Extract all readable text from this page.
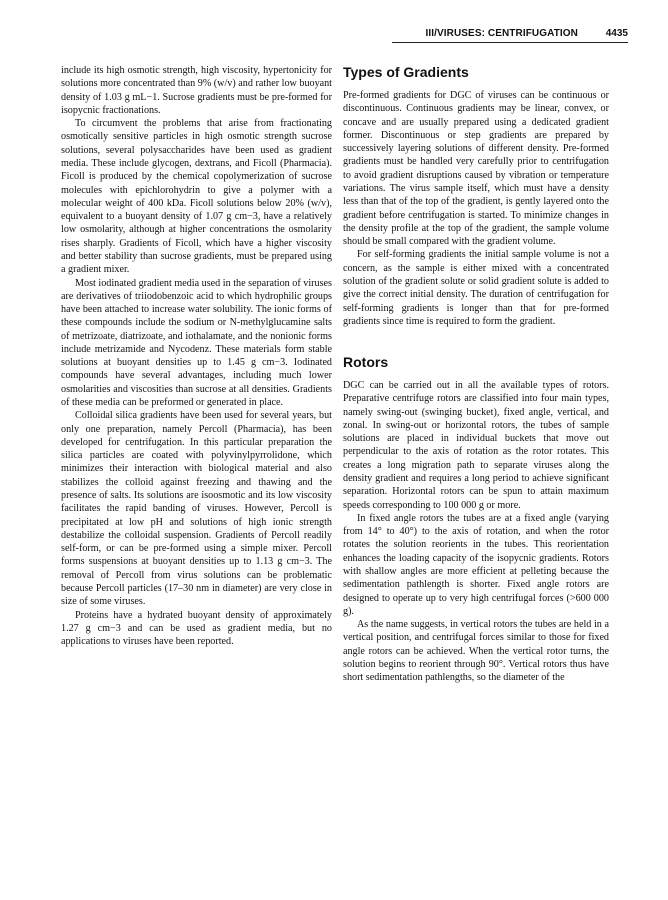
III/VIRUSES: CENTRIFUGATION	4435

include its high osmotic strength, high viscosity, hypertonicity for solutions more concentrated than 9% (w/v) and rather low buoyant density of 1.03 g mL−1. Sucrose gradients must be pre-formed for isopycnic fractionations.

To circumvent the problems that arise from fractionating osmotically sensitive particles in high osmotic strength sucrose solutions, several polysaccharides have been used as gradient media. These include glycogen, dextrans, and Ficoll (Pharmacia). Ficoll is produced by the chemical copolymerization of sucrose molecules with epichlorohydrin to give a polymer with a molecular weight of 400 kDa. Ficoll solutions below 20% (w/v), equivalent to a buoyant density of 1.07 g cm−3, have a relatively low osmolarity, although at higher concentrations the osmolarity rises sharply. Gradients of Ficoll, which have a higher viscosity and better stability than sucrose gradients, must be prepared using a gradient mixer.

Most iodinated gradient media used in the separation of viruses are derivatives of triiodobenzoic acid to which hydrophilic groups have been attached to increase water solubility. The ionic forms of these compounds include the sodium or N-methylglucamine salts of metrizoate, diatrizoate, and iothalamate, and the nonionic forms include metrizamide and Nycodenz. These materials form stable solutions at buoyant densities up to 1.45 g cm−3. Iodinated compounds have several advantages, including much lower osmolarities and viscosities than sucrose at all densities. Gradients of these media can be preformed or generated in place.

Colloidal silica gradients have been used for several years, but only one preparation, namely Percoll (Pharmacia), has been developed for centrifugation. In this particular preparation the silica particles are coated with polyvinylpyrrolidone, which minimizes their interaction with biological material and also stabilizes the colloid against freezing and thawing and the presence of salts. Its solutions are isoosmotic and its low viscosity facilitates the rapid banding of viruses. However, Percoll is precipitated at low pH and solutions of high ionic strength destabilize the colloidal suspension. Gradients of Percoll readily self-form, or can be pre-formed using a simple mixer. Percoll forms suspensions at buoyant densities up to 1.13 g cm−3. The removal of Percoll from virus solutions can be problematic because Percoll particles (17–30 nm in diameter) are very close in size of some viruses.

Proteins have a hydrated buoyant density of approximately 1.27 g cm−3 and can be used as gradient media, but no applications to viruses have been reported.

Types of Gradients

Pre-formed gradients for DGC of viruses can be continuous or discontinuous. Continuous gradients may be linear, convex, or concave and are usually prepared using a dedicated gradient former. Discontinuous or step gradients are prepared by successively layering solutions of different density. Pre-formed gradients must be handled very carefully prior to centrifugation to avoid gradient disruptions caused by vibration or temperature variations. The virus sample itself, which must have a density less than that of the top of the gradient, is gently layered onto the gradient before centrifugation is started. To minimize changes in the density profile at the top of the gradient, the sample volume should be small compared with the gradient volume.

For self-forming gradients the initial sample volume is not a concern, as the sample is either mixed with a concentrated solution of the gradient solute or solid gradient solute is added to give the correct initial density. The duration of centrifugation for self-forming gradients is longer than that for pre-formed gradients since time is required to form the gradient.

Rotors

DGC can be carried out in all the available types of rotors. Preparative centrifuge rotors are classified into four main types, namely swing-out (swinging bucket), fixed angle, vertical, and zonal. In swing-out or horizontal rotors, the tubes of sample solutions are placed in individual buckets that move out perpendicular to the axis of rotation as the rotor rotates. This creates a long migration path to separate viruses along the density gradient and requires a long period to achieve significant separation. Horizontal rotors can be spun to attain maximum speeds corresponding to 100 000 g or more.

In fixed angle rotors the tubes are at a fixed angle (varying from 14° to 40°) to the axis of rotation, and when the rotor rotates the solution reorients in the tubes. This reorientation enhances the loading capacity of the isopycnic gradients. Rotors with shallow angles are more efficient at pelleting because the sedimentation pathlength is shorter. Fixed angle rotors are designed to operate up to very high centrifugal forces (>600 000 g).

As the name suggests, in vertical rotors the tubes are held in a vertical position, and centrifugal forces similar to those for fixed angle rotors can be achieved. When the vertical rotor turns, the solution begins to reorient through 90°. Vertical rotors thus have short sedimentation pathlengths, so the diameter of the
